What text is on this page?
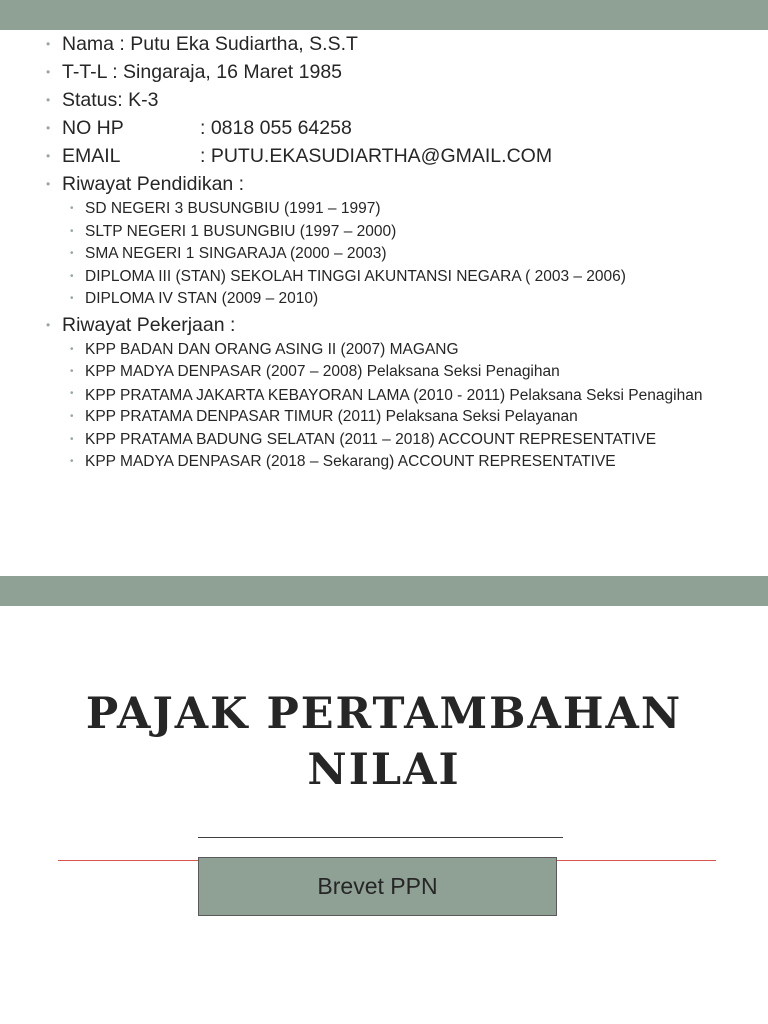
• Nama : Putu Eka Sudiartha, S.S.T
• T-T-L : Singaraja, 16 Maret 1985
• Status: K-3
• NO HP	: 0818 055 64258
• EMAIL	: PUTU.EKASUDIARTHA@GMAIL.COM
• Riwayat Pendidikan :
• SD NEGERI 3 BUSUNGBIU (1991 – 1997)
• SLTP NEGERI 1 BUSUNGBIU (1997 – 2000)
• SMA NEGERI 1 SINGARAJA (2000 – 2003)
• DIPLOMA III (STAN) SEKOLAH TINGGI AKUNTANSI NEGARA ( 2003 – 2006)
• DIPLOMA IV STAN (2009 – 2010)
• Riwayat Pekerjaan :
• KPP BADAN DAN ORANG ASING II (2007) MAGANG
• KPP MADYA DENPASAR (2007 – 2008) Pelaksana Seksi Penagihan
• KPP PRATAMA JAKARTA KEBAYORAN LAMA (2010 - 2011) Pelaksana Seksi Penagihan
• KPP PRATAMA DENPASAR TIMUR (2011) Pelaksana Seksi Pelayanan
• KPP PRATAMA BADUNG SELATAN (2011 – 2018) ACCOUNT REPRESENTATIVE
• KPP MADYA DENPASAR (2018 – Sekarang) ACCOUNT REPRESENTATIVE
PAJAK PERTAMBAHAN
NILAI
Brevet PPN
